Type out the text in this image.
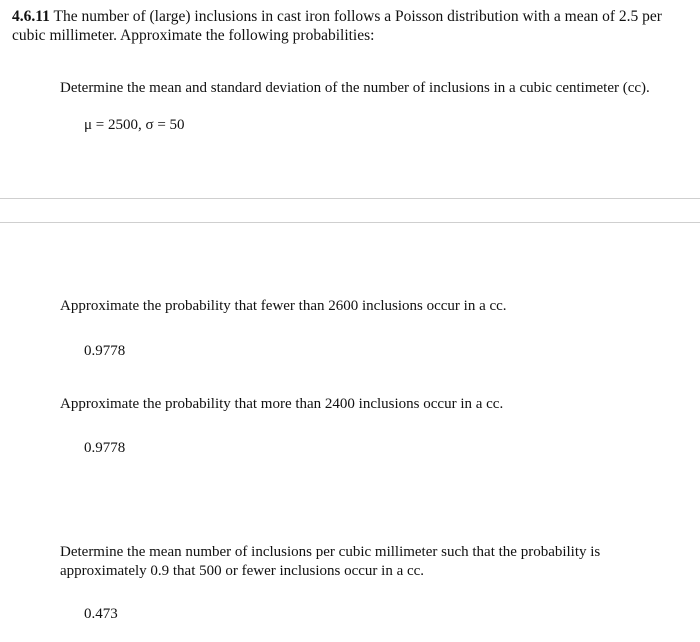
4.6.11 The number of (large) inclusions in cast iron follows a Poisson distribution with a mean of 2.5 per cubic millimeter. Approximate the following probabilities:
Determine the mean and standard deviation of the number of inclusions in a cubic centimeter (cc).
μ = 2500, σ = 50
Approximate the probability that fewer than 2600 inclusions occur in a cc.
0.9778
Approximate the probability that more than 2400 inclusions occur in a cc.
0.9778
Determine the mean number of inclusions per cubic millimeter such that the probability is approximately 0.9 that 500 or fewer inclusions occur in a cc.
0.473
